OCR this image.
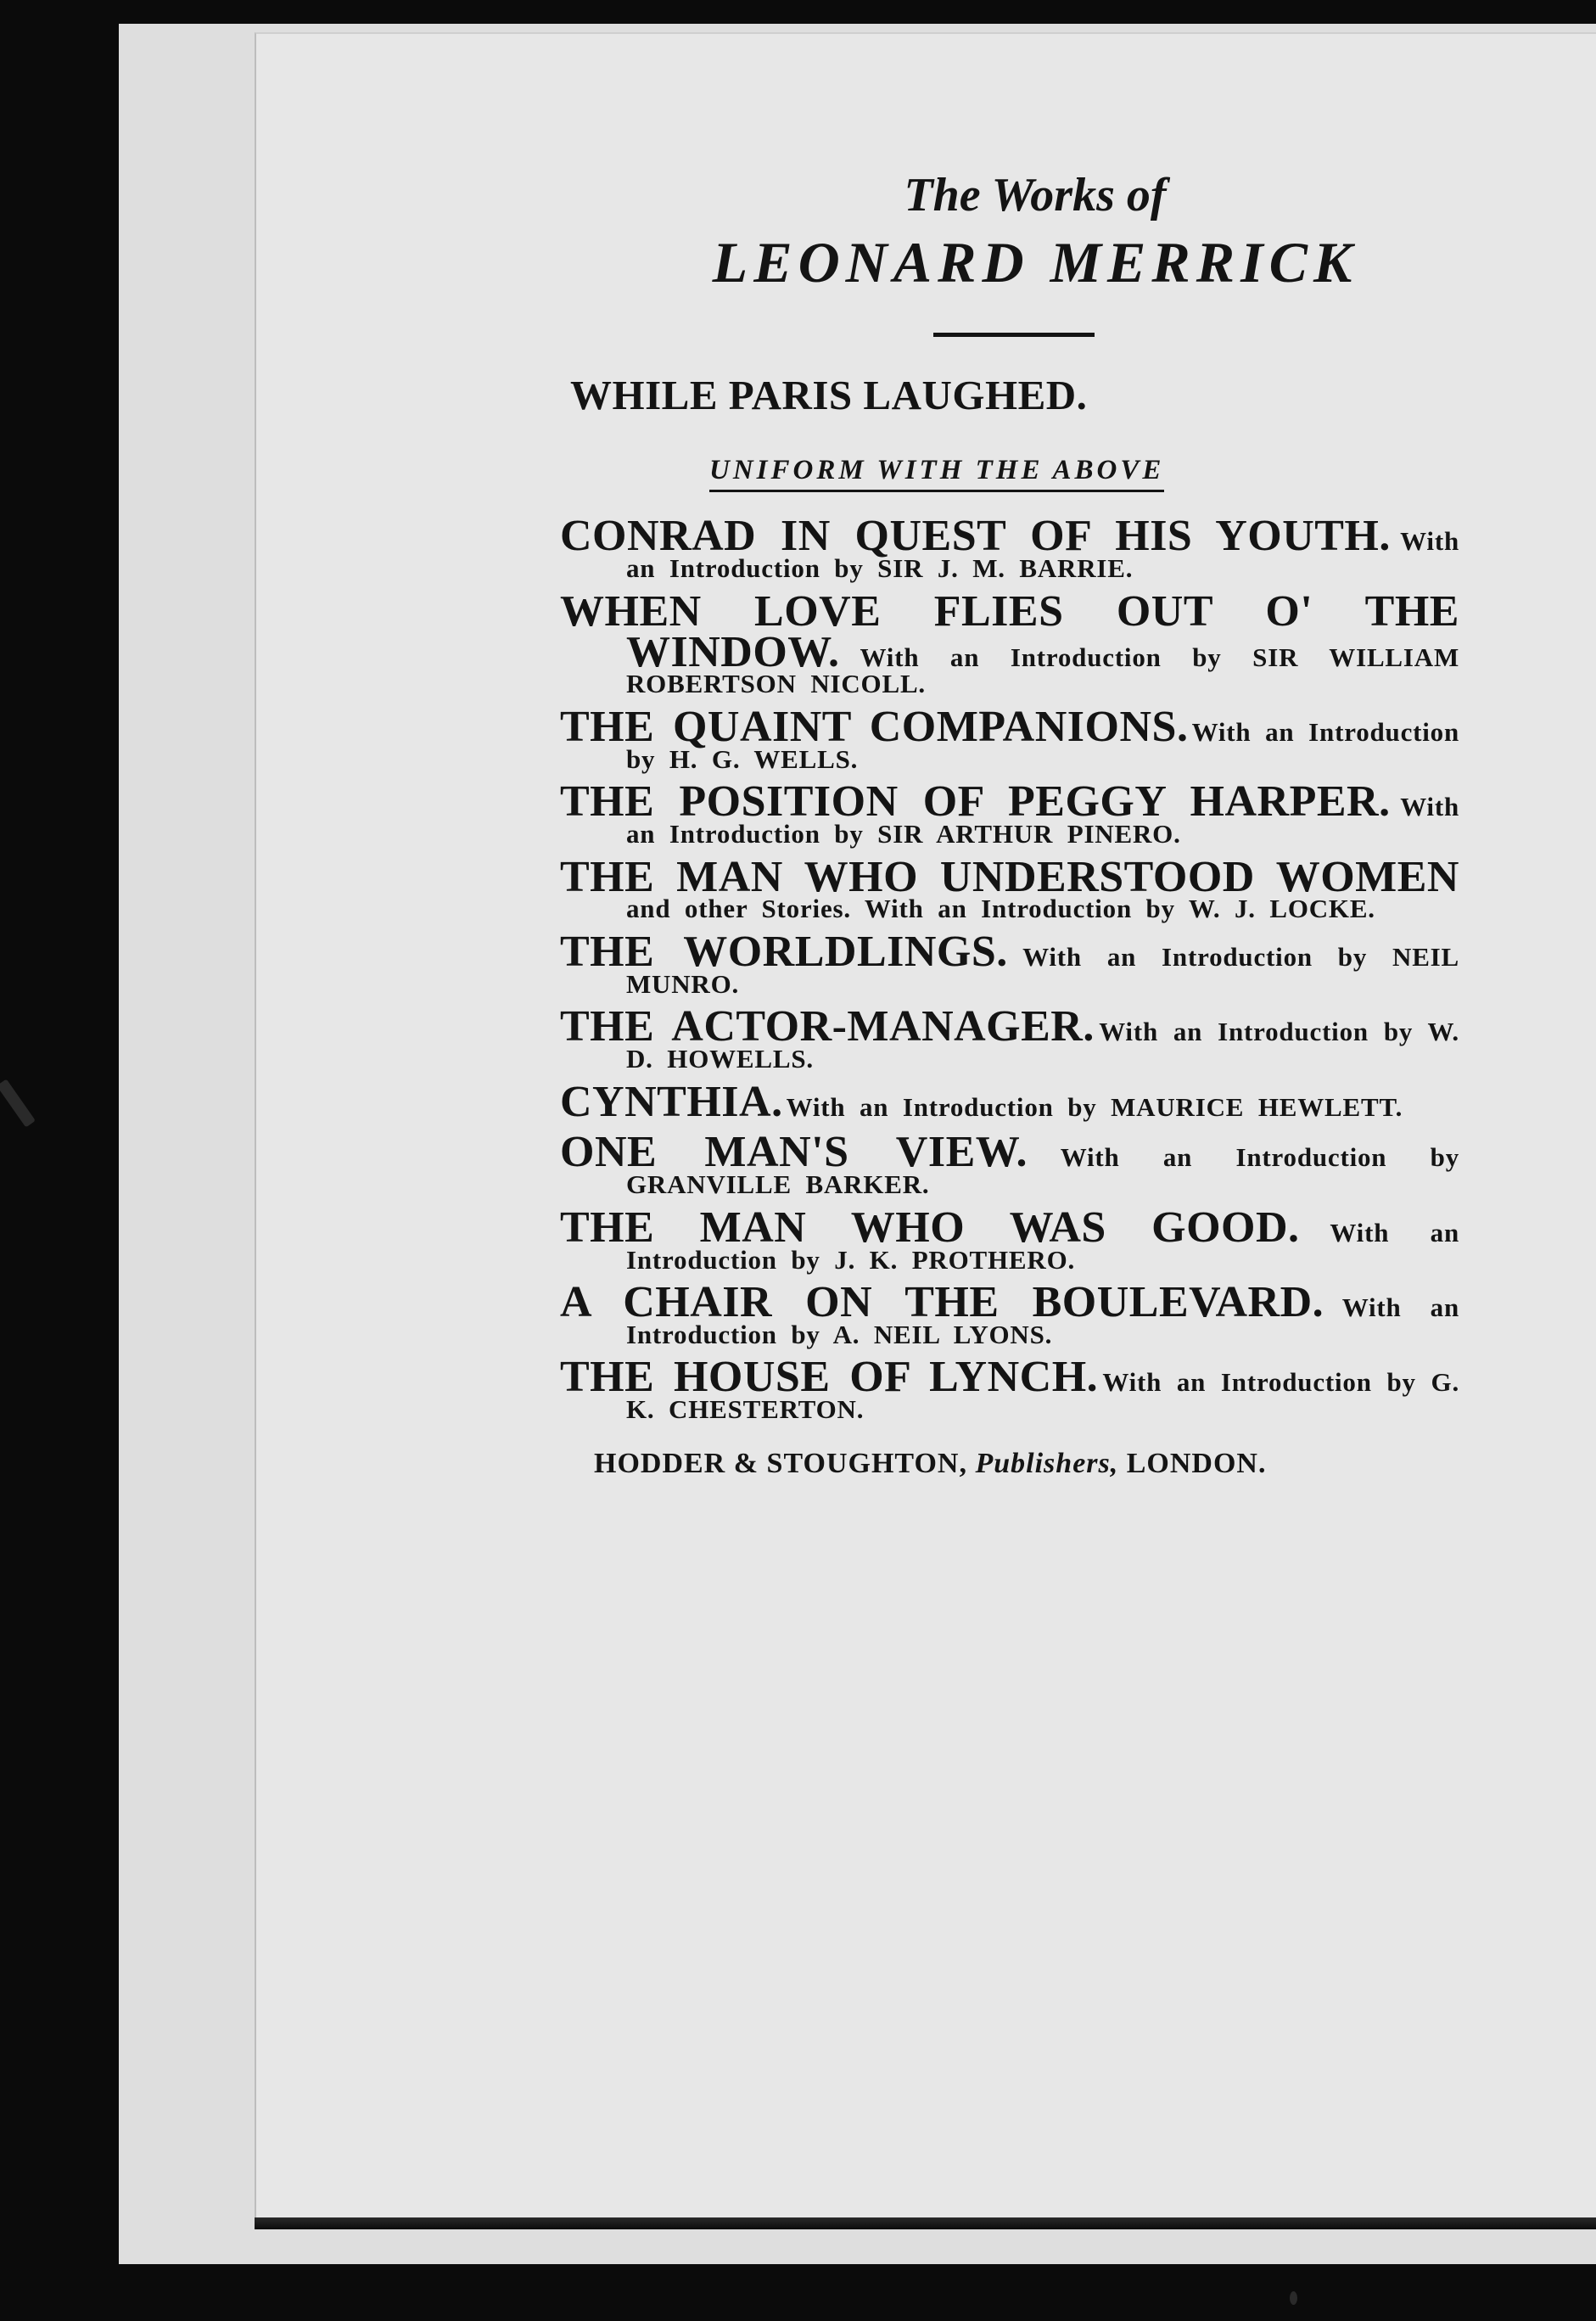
The Works of
LEONARD MERRICK
WHILE PARIS LAUGHED.
UNIFORM WITH THE ABOVE
CONRAD IN QUEST OF HIS YOUTH. With an Introduction by SIR J. M. BARRIE.
WHEN LOVE FLIES OUT O' THE WINDOW. With an Introduction by SIR WILLIAM ROBERTSON NICOLL.
THE QUAINT COMPANIONS. With an Introduction by H. G. WELLS.
THE POSITION OF PEGGY HARPER. With an Introduction by SIR ARTHUR PINERO.
THE MAN WHO UNDERSTOOD WOMEN and other Stories. With an Introduction by W. J. LOCKE.
THE WORLDLINGS. With an Introduction by NEIL MUNRO.
THE ACTOR-MANAGER. With an Introduction by W. D. HOWELLS.
CYNTHIA. With an Introduction by MAURICE HEWLETT.
ONE MAN'S VIEW. With an Introduction by GRANVILLE BARKER.
THE MAN WHO WAS GOOD. With an Introduction by J. K. PROTHERO.
A CHAIR ON THE BOULEVARD. With an Introduction by A. NEIL LYONS.
THE HOUSE OF LYNCH. With an Introduction by G. K. CHESTERTON.
HODDER & STOUGHTON, Publishers, LONDON.
